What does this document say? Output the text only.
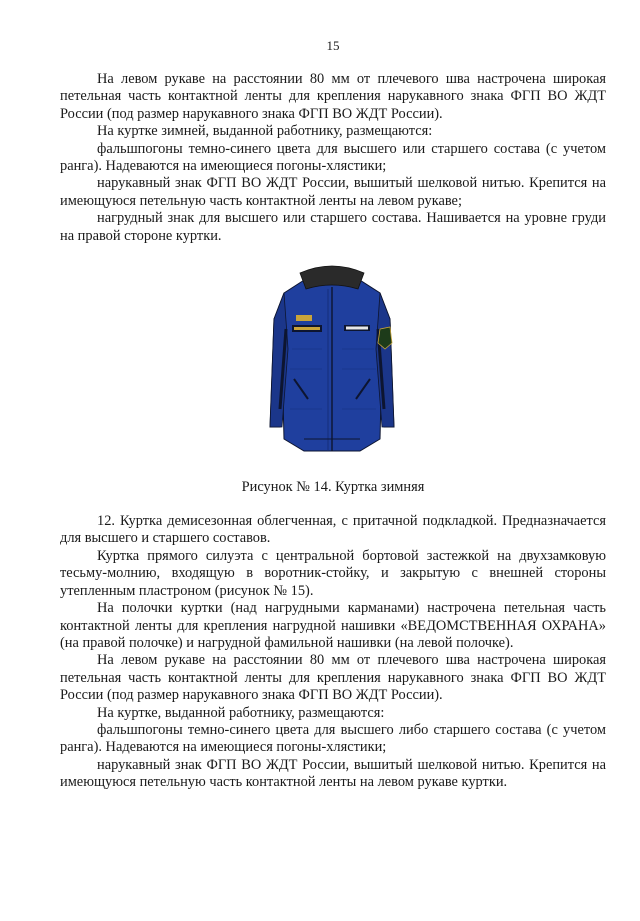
15

На левом рукаве на расстоянии 80 мм от плечевого шва настрочена широкая петельная часть контактной ленты для крепления нарукавного знака ФГП ВО ЖДТ России (под размер нарукавного знака ФГП ВО ЖДТ России).

На куртке зимней, выданной работнику, размещаются:

фальшпогоны темно-синего цвета для высшего или старшего состава (с учетом ранга). Надеваются на имеющиеся погоны-хлястики;

нарукавный знак ФГП ВО ЖДТ России, вышитый шелковой нитью. Крепится на имеющуюся петельную часть контактной ленты на левом рукаве;

нагрудный знак для высшего или старшего состава. Нашивается на уровне груди на правой стороне куртки.

Рисунок № 14. Куртка зимняя

12. Куртка демисезонная облегченная, с притачной подкладкой. Предназначается для высшего и старшего составов.

Куртка прямого силуэта с центральной бортовой застежкой на двухзамковую тесьму-молнию, входящую в воротник-стойку, и закрытую с внешней стороны утепленным пластроном (рисунок № 15).

На полочки куртки (над нагрудными карманами) настрочена петельная часть контактной ленты для крепления нагрудной нашивки «ВЕДОМСТВЕННАЯ ОХРАНА» (на правой полочке) и нагрудной фамильной нашивки (на левой полочке).

На левом рукаве на расстоянии 80 мм от плечевого шва настрочена широкая петельная часть контактной ленты для крепления нарукавного знака ФГП ВО ЖДТ России (под размер нарукавного знака ФГП ВО ЖДТ России).

На куртке, выданной работнику, размещаются:

фальшпогоны темно-синего цвета для высшего либо старшего состава (с учетом ранга). Надеваются на имеющиеся погоны-хлястики;

нарукавный знак ФГП ВО ЖДТ России, вышитый шелковой нитью. Крепится на имеющуюся петельную часть контактной ленты на левом рукаве куртки.
